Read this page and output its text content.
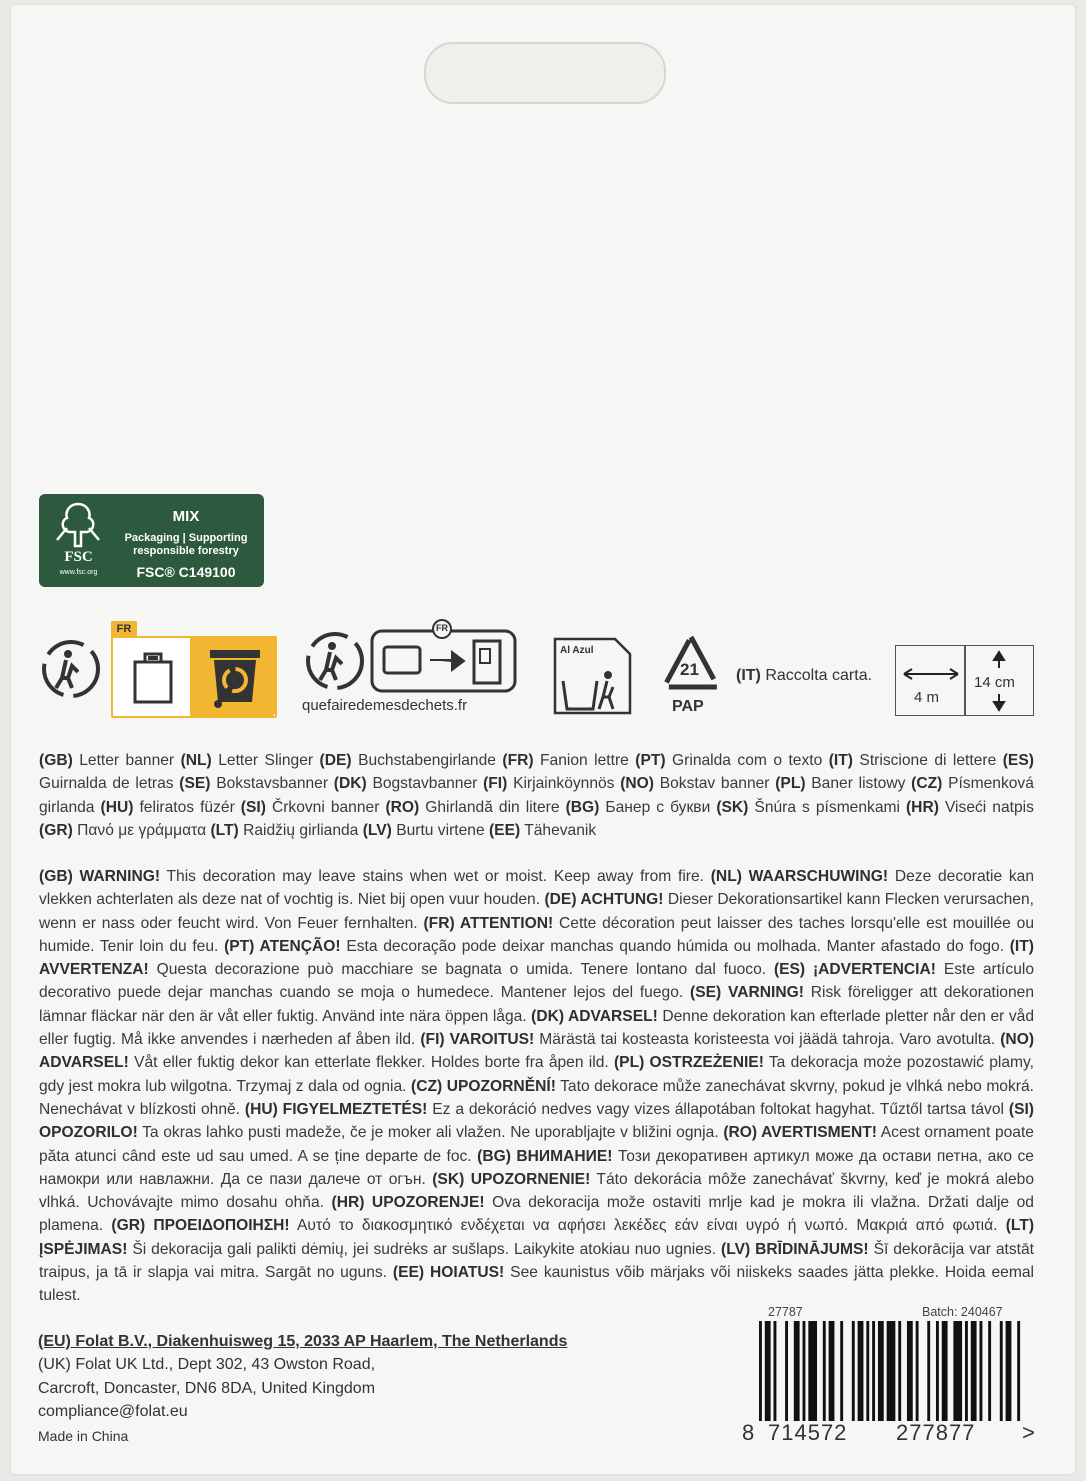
FSC
www.fsc.org
MIX
Packaging | Supporting
responsible forestry
FSC® C149100
FR	FR
quefairedemesdechets.fr
Al Azul
21
PAP
(IT) Raccolta carta.
4 m
14 cm
(GB) Letter banner (NL) Letter Slinger (DE) Buchstabengirlande (FR) Fanion lettre (PT) Grinalda com o texto (IT) Striscione di lettere (ES) Guirnalda de letras (SE) Bokstavsbanner (DK) Bogstavbanner (FI) Kirjainköynnös (NO) Bokstav banner (PL) Baner listowy (CZ) Písmenková girlanda (HU) feliratos füzér (SI) Črkovni banner (RO) Ghirlandă din litere (BG) Банер с букви (SK) Šnúra s písmenkami (HR) Viseći natpis (GR) Πανό με γράμματα (LT) Raidžių girlianda (LV) Burtu virtene (EE) Tähevanik
(GB) WARNING! This decoration may leave stains when wet or moist. Keep away from fire. (NL) WAARSCHUWING! Deze decoratie kan vlekken achterlaten als deze nat of vochtig is. Niet bij open vuur houden. (DE) ACHTUNG! Dieser Dekorationsartikel kann Flecken verursachen, wenn er nass oder feucht wird. Von Feuer fernhalten. (FR) ATTENTION! Cette décoration peut laisser des taches lorsqu'elle est mouillée ou humide. Tenir loin du feu. (PT) ATENÇÃO! Esta decoração pode deixar manchas quando húmida ou molhada. Manter afastado do fogo. (IT) AVVERTENZA! Questa decorazione può macchiare se bagnata o umida. Tenere lontano dal fuoco. (ES) ¡ADVERTENCIA! Este artículo decorativo puede dejar manchas cuando se moja o humedece. Mantener lejos del fuego. (SE) VARNING! Risk föreligger att dekorationen lämnar fläckar när den är våt eller fuktig. Använd inte nära öppen låga. (DK) ADVARSEL! Denne dekoration kan efterlade pletter når den er våd eller fugtig. Må ikke anvendes i nærheden af åben ild. (FI) VAROITUS! Märästä tai kosteasta koristeesta voi jäädä tahroja. Varo avotulta. (NO) ADVARSEL! Våt eller fuktig dekor kan etterlate flekker. Holdes borte fra åpen ild. (PL) OSTRZEŻENIE! Ta dekoracja może pozostawić plamy, gdy jest mokra lub wilgotna. Trzymaj z dala od ognia. (CZ) UPOZORNĚNÍ! Tato dekorace může zanechávat skvrny, pokud je vlhká nebo mokrá. Nenechávat v blízkosti ohně. (HU) FIGYELMEZTETÉS! Ez a dekoráció nedves vagy vizes állapotában foltokat hagyhat. Tűztől tartsa távol (SI) OPOZORILO! Ta okras lahko pusti madeže, če je moker ali vlažen. Ne uporabljajte v bližini ognja. (RO) AVERTISMENT! Acest ornament poate păta atunci când este ud sau umed. A se ține departe de foc. (BG) ВНИМАНИЕ! Този декоративен артикул може да остави петна, ако се намокри или навлажни. Да се пази далече от огън. (SK) UPOZORNENIE! Táto dekorácia môže zanechávať škvrny, keď je mokrá alebo vlhká. Uchovávajte mimo dosahu ohňa. (HR) UPOZORENJE! Ova dekoracija može ostaviti mrlje kad je mokra ili vlažna. Držati dalje od plamena. (GR) ΠΡΟΕΙΔΟΠΟΙΗΣΗ! Αυτό το διακοσμητικό ενδέχεται να αφήσει λεκέδες εάν είναι υγρό ή νωπό. Μακριά από φωτιά. (LT) ĮSPĖJIMAS! Ši dekoracija gali palikti dėmių, jei sudrėks ar sušlaps. Laikykite atokiau nuo ugnies. (LV) BRĪDINĀJUMS! Šī dekorācija var atstāt traipus, ja tā ir slapja vai mitra. Sargāt no uguns. (EE) HOIATUS! See kaunistus võib märjaks või niiskeks saades jätta plekke. Hoida eemal tulest.
27787	Batch: 240467
(EU) Folat B.V., Diakenhuisweg 15, 2033 AP Haarlem, The Netherlands
(UK) Folat UK Ltd., Dept 302, 43 Owston Road,
Carcroft, Doncaster, DN6 8DA, United Kingdom
compliance@folat.eu
Made in China	8 714572 277877 >
